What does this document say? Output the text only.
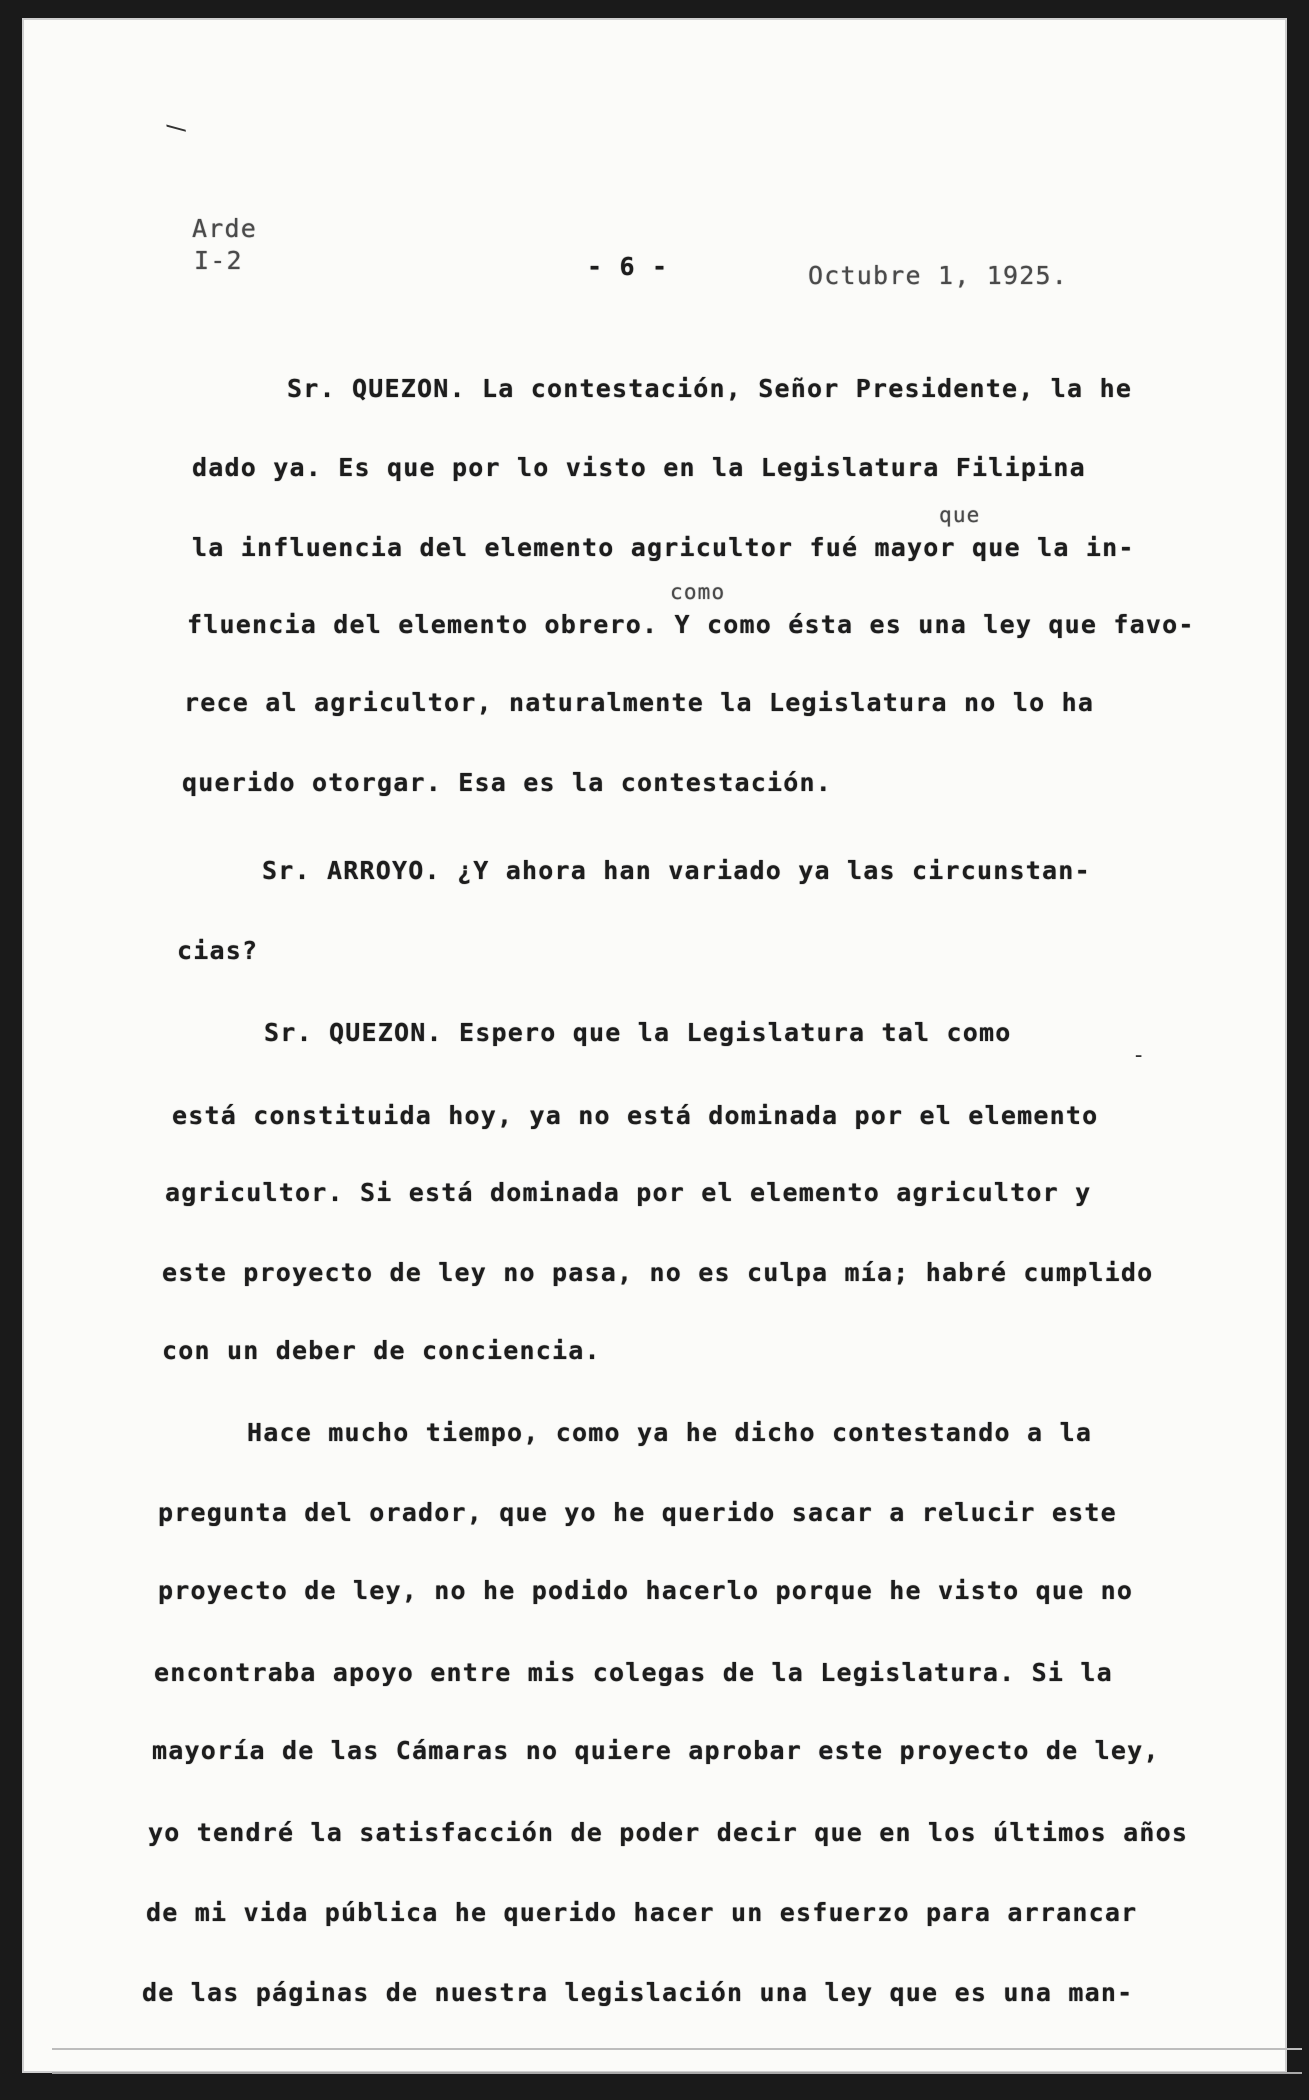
Arde
I-2	- 6 -	Octubre 1, 1925.
que
como
Sr. QUEZON. La contestación, Señor Presidente, la he
dado ya. Es que por lo visto en la Legislatura Filipina
la influencia del elemento agricultor fué mayor que la in-
fluencia del elemento obrero. Y como ésta es una ley que favo-
rece al agricultor, naturalmente la Legislatura no lo ha
querido otorgar. Esa es la contestación.
Sr. ARROYO. ¿Y ahora han variado ya las circunstan-
cias?
Sr. QUEZON. Espero que la Legislatura tal como
está constituida hoy, ya no está dominada por el elemento
agricultor. Si está dominada por el elemento agricultor y
este proyecto de ley no pasa, no es culpa mía; habré cumplido
con un deber de conciencia.
Hace mucho tiempo, como ya he dicho contestando a la
pregunta del orador, que yo he querido sacar a relucir este
proyecto de ley, no he podido hacerlo porque he visto que no
encontraba apoyo entre mis colegas de la Legislatura. Si la
mayoría de las Cámaras no quiere aprobar este proyecto de ley,
yo tendré la satisfacción de poder decir que en los últimos años
de mi vida pública he querido hacer un esfuerzo para arrancar
de las páginas de nuestra legislación una ley que es una man-
-
/
